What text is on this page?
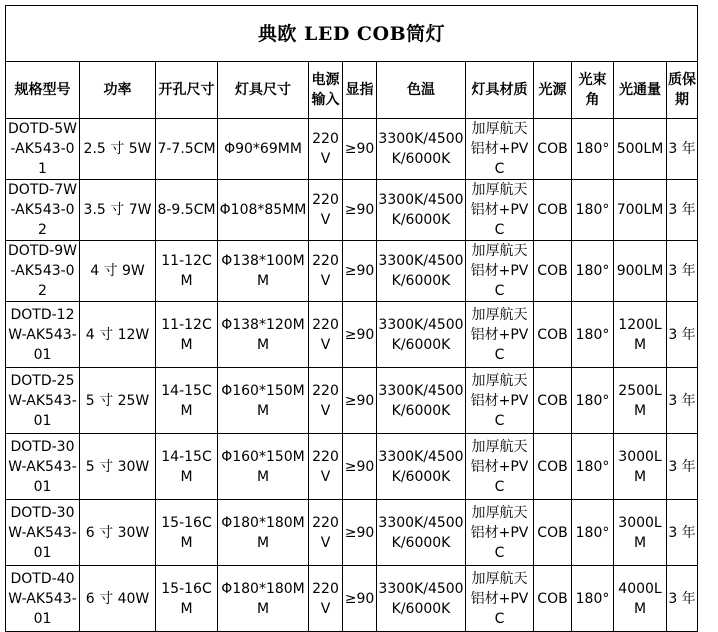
典欧 LED COB筒灯											
规格型号	功率	开孔尺寸	灯具尺寸	电源输入	显指	色温	灯具材质	光源	光束角	光通量	质保期
DOTD-5W-AK543-01	2.5 寸 5W	7-7.5CM	Φ90*69MM	220V	≥90	3300K/4500K/6000K	加厚航天铝材+PVC	COB	180°	500LM	3 年
DOTD-7W-AK543-02	3.5 寸 7W	8-9.5CM	Φ108*85MM	220V	≥90	3300K/4500K/6000K	加厚航天铝材+PVC	COB	180°	700LM	3 年
DOTD-9W-AK543-02	4 寸 9W	11-12CM	Φ138*100MM	220V	≥90	3300K/4500K/6000K	加厚航天铝材+PVC	COB	180°	900LM	3 年
DOTD-12W-AK543-01	4 寸 12W	11-12CM	Φ138*120MM	220V	≥90	3300K/4500K/6000K	加厚航天铝材+PVC	COB	180°	1200LM	3 年
DOTD-25W-AK543-01	5 寸 25W	14-15CM	Φ160*150MM	220V	≥90	3300K/4500K/6000K	加厚航天铝材+PVC	COB	180°	2500LM	3 年
DOTD-30W-AK543-01	5 寸 30W	14-15CM	Φ160*150MM	220V	≥90	3300K/4500K/6000K	加厚航天铝材+PVC	COB	180°	3000LM	3 年
DOTD-30W-AK543-01	6 寸 30W	15-16CM	Φ180*180MM	220V	≥90	3300K/4500K/6000K	加厚航天铝材+PVC	COB	180°	3000LM	3 年
DOTD-40W-AK543-01	6 寸 40W	15-16CM	Φ180*180MM	220V	≥90	3300K/4500K/6000K	加厚航天铝材+PVC	COB	180°	4000LM	3 年
